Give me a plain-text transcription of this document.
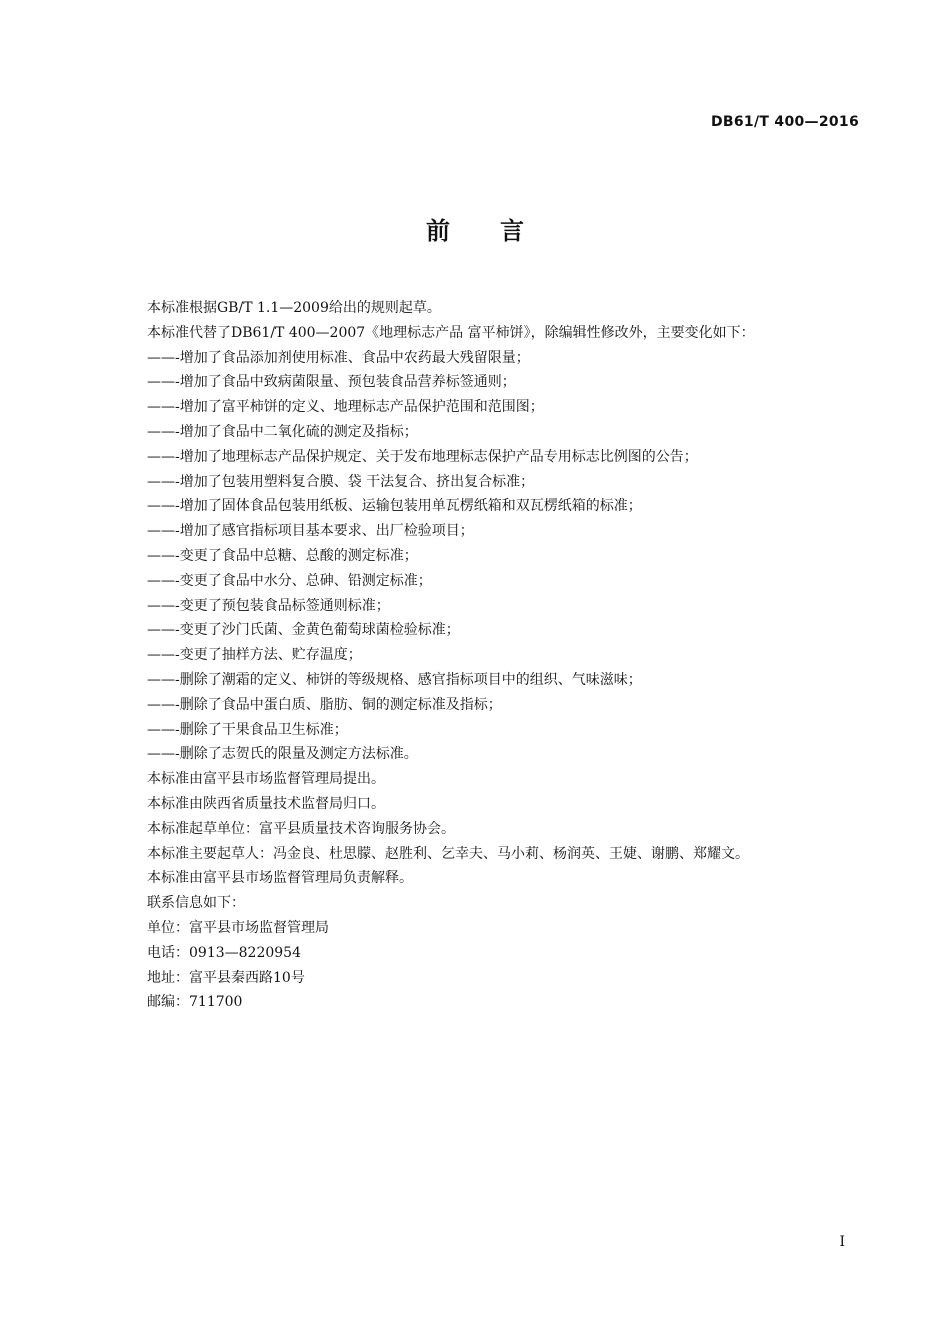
DB61/T 400—2016
前言
本标准根据GB/T 1.1—2009给出的规则起草。
本标准代替了DB61/T 400—2007《地理标志产品 富平柿饼》，除编辑性修改外，主要变化如下：
——-增加了食品添加剂使用标准、食品中农药最大残留限量；
——-增加了食品中致病菌限量、预包装食品营养标签通则；
——-增加了富平柿饼的定义、地理标志产品保护范围和范围图；
——-增加了食品中二氧化硫的测定及指标；
——-增加了地理标志产品保护规定、关于发布地理标志保护产品专用标志比例图的公告；
——-增加了包装用塑料复合膜、袋 干法复合、挤出复合标准；
——-增加了固体食品包装用纸板、运输包装用单瓦楞纸箱和双瓦楞纸箱的标准；
——-增加了感官指标项目基本要求、出厂检验项目；
——-变更了食品中总糖、总酸的测定标准；
——-变更了食品中水分、总砷、铅测定标准；
——-变更了预包装食品标签通则标准；
——-变更了沙门氏菌、金黄色葡萄球菌检验标准；
——-变更了抽样方法、贮存温度；
——-删除了潮霜的定义、柿饼的等级规格、感官指标项目中的组织、气味滋味；
——-删除了食品中蛋白质、脂肪、铜的测定标准及指标；
——-删除了干果食品卫生标准；
——-删除了志贺氏的限量及测定方法标准。
本标准由富平县市场监督管理局提出。
本标准由陕西省质量技术监督局归口。
本标准起草单位：富平县质量技术咨询服务协会。
本标准主要起草人：冯金良、杜思朦、赵胜利、乞幸夫、马小莉、杨润英、王婕、谢鹏、郑耀文。
本标准由富平县市场监督管理局负责解释。
联系信息如下：
单位：富平县市场监督管理局
电话：0913—8220954
地址：富平县秦西路10号
邮编：711700
I
